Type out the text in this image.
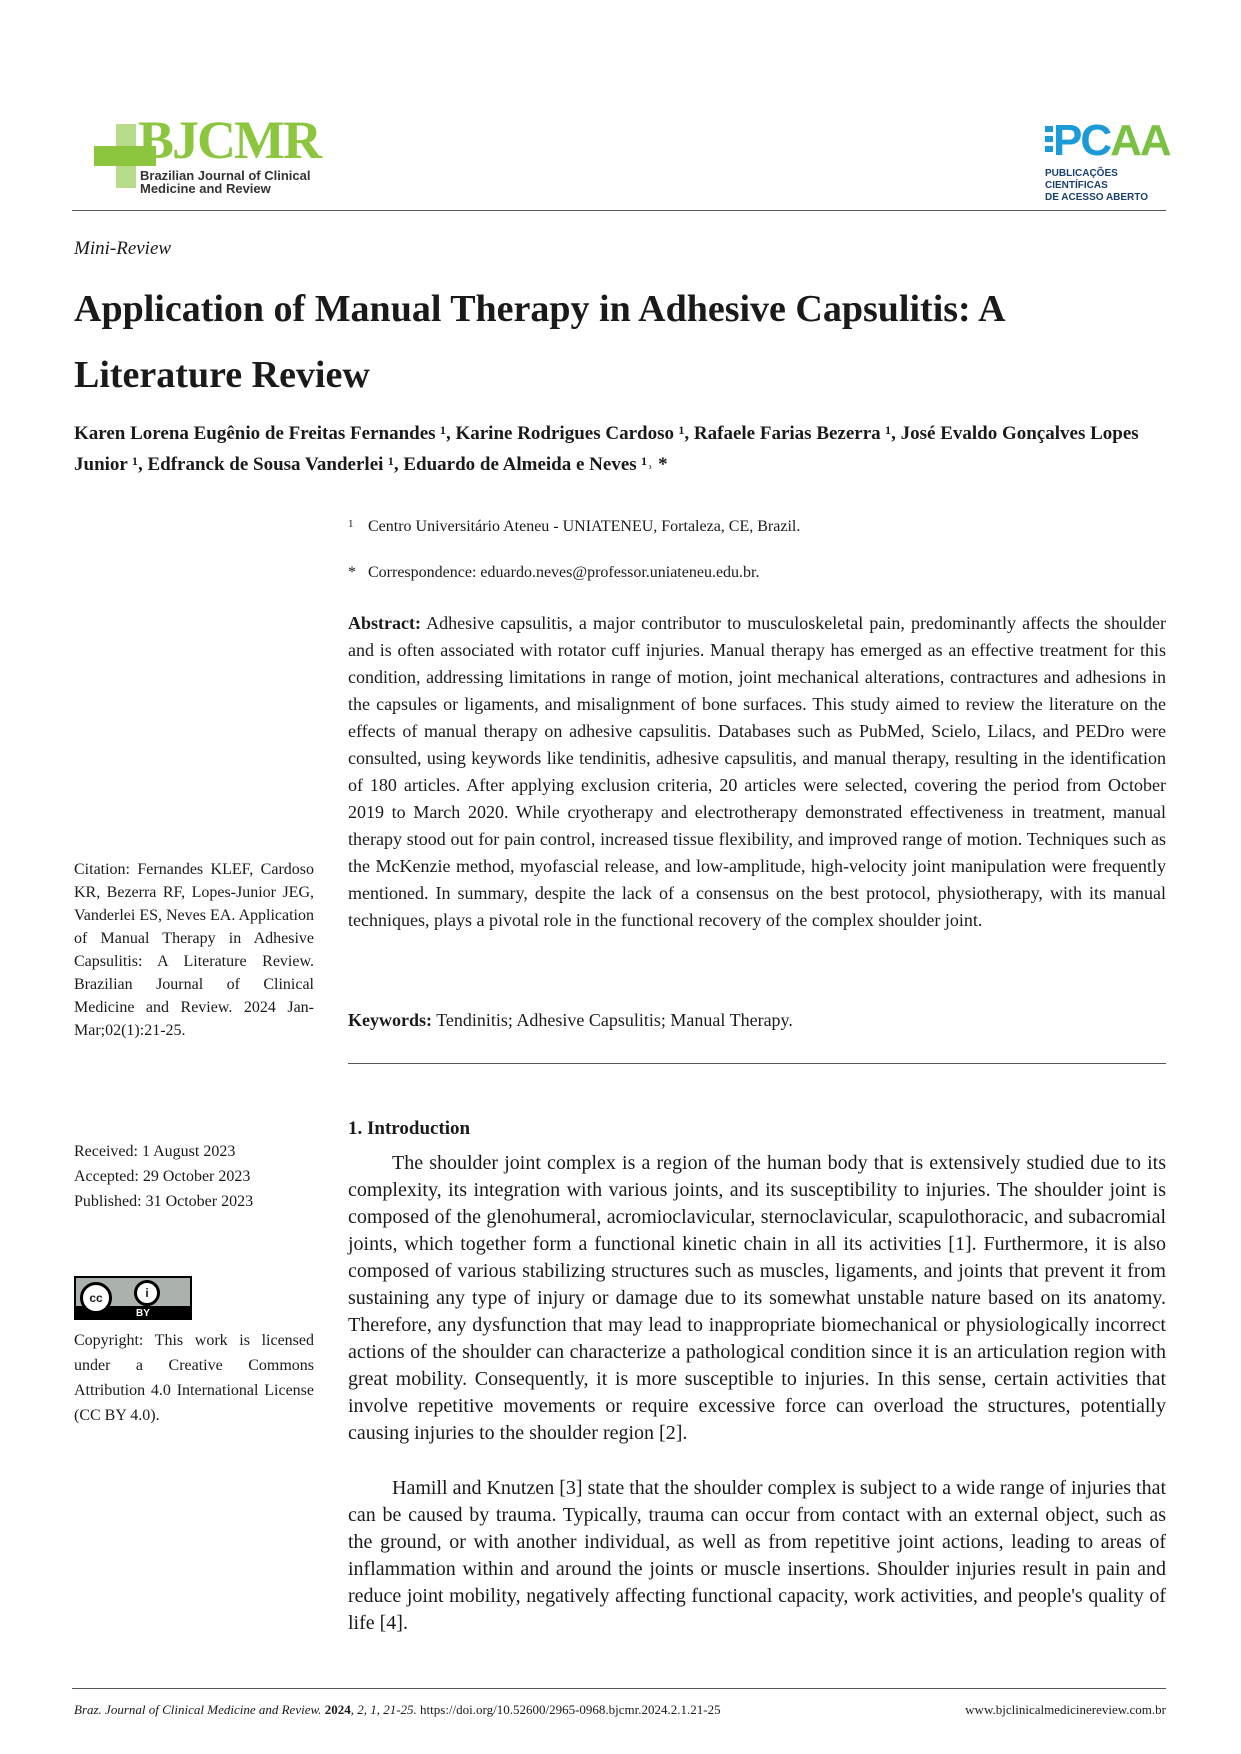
BJCMR
Brazilian Journal of Clinical
Medicine and Review
PCAA
PUBLICAÇÕES CIENTÍFICAS
DE ACESSO ABERTO
Mini-Review
Application of Manual Therapy in Adhesive Capsulitis: A Literature Review

Karen Lorena Eugênio de Freitas Fernandes ¹, Karine Rodrigues Cardoso ¹, Rafaele Farias Bezerra ¹, José Evaldo Gonçalves Lopes Junior ¹, Edfranck de Sousa Vanderlei ¹, Eduardo de Almeida e Neves ¹˒ *

1 Centro Universitário Ateneu - UNIATENEU, Fortaleza, CE, Brazil.
* Correspondence: eduardo.neves@professor.uniateneu.edu.br.

Abstract: Adhesive capsulitis, a major contributor to musculoskeletal pain, predominantly affects the shoulder and is often associated with rotator cuff injuries. Manual therapy has emerged as an effective treatment for this condition, addressing limitations in range of motion, joint mechanical alterations, contractures and adhesions in the capsules or ligaments, and misalignment of bone surfaces. This study aimed to review the literature on the effects of manual therapy on adhesive capsulitis. Databases such as PubMed, Scielo, Lilacs, and PEDro were consulted, using keywords like tendinitis, adhesive capsulitis, and manual therapy, resulting in the identification of 180 articles. After applying exclusion criteria, 20 articles were selected, covering the period from October 2019 to March 2020. While cryotherapy and electrotherapy demonstrated effectiveness in treatment, manual therapy stood out for pain control, increased tissue flexibility, and improved range of motion. Techniques such as the McKenzie method, myofascial release, and low-amplitude, high-velocity joint manipulation were frequently mentioned. In summary, despite the lack of a consensus on the best protocol, physiotherapy, with its manual techniques, plays a pivotal role in the functional recovery of the complex shoulder joint.

Keywords: Tendinitis; Adhesive Capsulitis; Manual Therapy.

Citation: Fernandes KLEF, Cardoso KR, Bezerra RF, Lopes-Junior JEG, Vanderlei ES, Neves EA. Application of Manual Therapy in Adhesive Capsulitis: A Literature Review. Brazilian Journal of Clinical Medicine and Review. 2024 Jan-Mar;02(1):21-25.

Received: 1 August 2023
Accepted: 29 October 2023
Published: 31 October 2023
cc	i
BY

Copyright: This work is licensed under a Creative Commons Attribution 4.0 International License (CC BY 4.0).

1. Introduction

The shoulder joint complex is a region of the human body that is extensively studied due to its complexity, its integration with various joints, and its susceptibility to injuries. The shoulder joint is composed of the glenohumeral, acromioclavicular, sternoclavicular, scapulothoracic, and subacromial joints, which together form a functional kinetic chain in all its activities [1]. Furthermore, it is also composed of various stabilizing structures such as muscles, ligaments, and joints that prevent it from sustaining any type of injury or damage due to its somewhat unstable nature based on its anatomy. Therefore, any dysfunction that may lead to inappropriate biomechanical or physiologically incorrect actions of the shoulder can characterize a pathological condition since it is an articulation region with great mobility. Consequently, it is more susceptible to injuries. In this sense, certain activities that involve repetitive movements or require excessive force can overload the structures, potentially causing injuries to the shoulder region [2].

Hamill and Knutzen [3] state that the shoulder complex is subject to a wide range of injuries that can be caused by trauma. Typically, trauma can occur from contact with an external object, such as the ground, or with another individual, as well as from repetitive joint actions, leading to areas of inflammation within and around the joints or muscle insertions. Shoulder injuries result in pain and reduce joint mobility, negatively affecting functional capacity, work activities, and people's quality of life [4].

Braz. Journal of Clinical Medicine and Review. 2024, 2, 1, 21-25. https://doi.org/10.52600/2965-0968.bjcmr.2024.2.1.21-25	www.bjclinicalmedicinereview.com.br
